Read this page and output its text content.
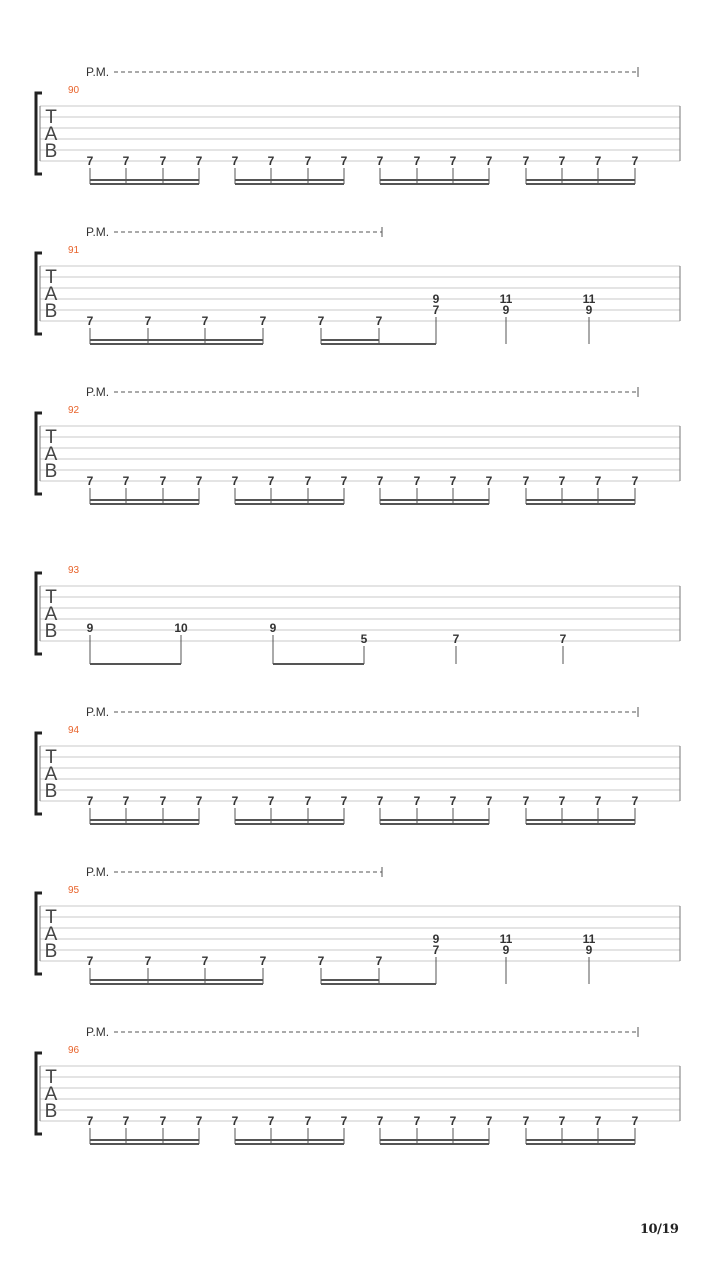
P.M.
90
T
A
B 7 7	7 7 7 7	7 7 7	7 7 7	7 7 7	7
P.M.
91
T
A
B 7	7	7	7	7	7
9
7
11
9
11
9
P.M.
92
T
A
B 7 7	7 7 7 7	7 7 7	7 7 7	7 7 7	7
93
T
A
B 9	10	9
5	7	7
P.M.
94
T
A
B 7 7	7 7 7 7	7 7 7	7 7 7	7 7 7	7
P.M.
95
T
A
B 7	7	7	7	7	7
9
7
11
9
11
9
P.M.
96
T
A
B 7 7	7 7 7 7	7 7 7	7 7 7	7 7 7	7
10/19
